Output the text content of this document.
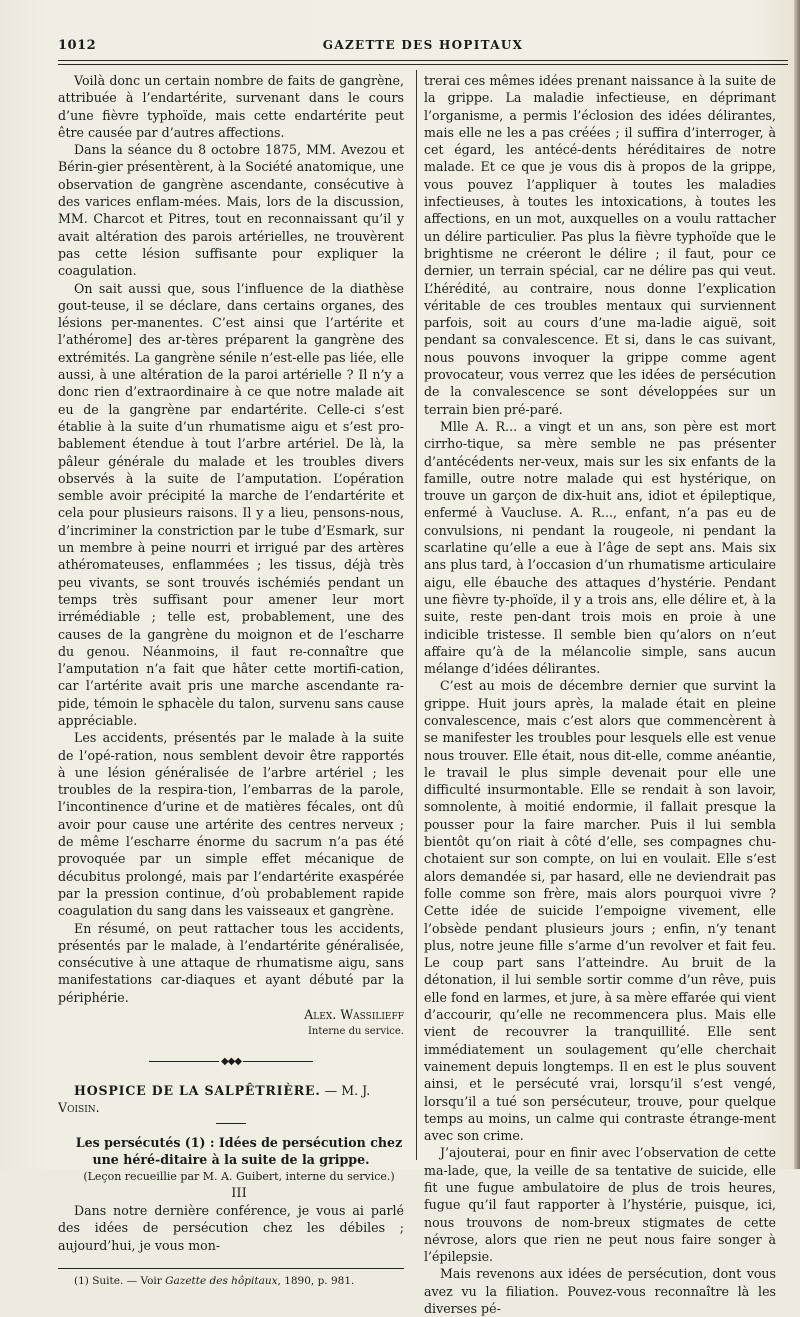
1012	GAZETTE DES HOPITAUX

Voilà donc un certain nombre de faits de gangrène, attribuée à l’endartérite, survenant dans le cours d’une fièvre typhoïde, mais cette endartérite peut être causée par d’autres affections.

Dans la séance du 8 octobre 1875, MM. Avezou et Bérin-gier présentèrent, à la Société anatomique, une observation de gangrène ascendante, consécutive à des varices enflam-mées. Mais, lors de la discussion, MM. Charcot et Pitres, tout en reconnaissant qu’il y avait altération des parois artérielles, ne trouvèrent pas cette lésion suffisante pour expliquer la coagulation.

On sait aussi que, sous l’influence de la diathèse gout-teuse, il se déclare, dans certains organes, des lésions per-manentes. C’est ainsi que l’artérite et l’athérome] des ar-tères préparent la gangrène des extrémités. La gangrène sénile n’est-elle pas liée, elle aussi, à une altération de la paroi artérielle ? Il n’y a donc rien d’extraordinaire à ce que notre malade ait eu de la gangrène par endartérite. Celle-ci s’est établie à la suite d’un rhumatisme aigu et s’est pro-bablement étendue à tout l’arbre artériel. De là, la pâleur générale du malade et les troubles divers observés à la suite de l’amputation. L’opération semble avoir précipité la marche de l’endartérite et cela pour plusieurs raisons. Il y a lieu, pensons-nous, d’incriminer la constriction par le tube d’Esmark, sur un membre à peine nourri et irrigué par des artères athéromateuses, enflammées ; les tissus, déjà très peu vivants, se sont trouvés ischémiés pendant un temps très suffisant pour amener leur mort irrémédiable ; telle est, probablement, une des causes de la gangrène du moignon et de l’escharre du genou. Néanmoins, il faut re-connaître que l’amputation n’a fait que hâter cette mortifi-cation, car l’artérite avait pris une marche ascendante ra-pide, témoin le sphacèle du talon, survenu sans cause appréciable.

Les accidents, présentés par le malade à la suite de l’opé-ration, nous semblent devoir être rapportés à une lésion généralisée de l’arbre artériel ; les troubles de la respira-tion, l’embarras de la parole, l’incontinence d’urine et de matières fécales, ont dû avoir pour cause une artérite des centres nerveux ; de même l’escharre énorme du sacrum n’a pas été provoquée par un simple effet mécanique de décubitus prolongé, mais par l’endartérite exaspérée par la pression continue, d’où probablement rapide coagulation du sang dans les vaisseaux et gangrène.

En résumé, on peut rattacher tous les accidents, présentés par le malade, à l’endartérite généralisée, consécutive à une attaque de rhumatisme aigu, sans manifestations car-diaques et ayant débuté par la périphérie.

Alex. Wassilieff

Interne du service.

◆◆◆

HOSPICE DE LA SALPÊTRIÈRE. — M. J. Voisin.

Les persécutés (1) : Idées de persécution chez une héré-ditaire à la suite de la grippe.

(Leçon recueillie par M. A. Guibert, interne du service.)

III

Dans notre dernière conférence, je vous ai parlé des idées de persécution chez les débiles ; aujourd’hui, je vous mon-

(1) Suite. — Voir Gazette des hôpitaux, 1890, p. 981.

trerai ces mêmes idées prenant naissance à la suite de la grippe. La maladie infectieuse, en déprimant l’organisme, a permis l’éclosion des idées délirantes, mais elle ne les a pas créées ; il suffira d’interroger, à cet égard, les antécé-dents héréditaires de notre malade. Et ce que je vous dis à propos de la grippe, vous pouvez l’appliquer à toutes les maladies infectieuses, à toutes les intoxications, à toutes les affections, en un mot, auxquelles on a voulu rattacher un délire particulier. Pas plus la fièvre typhoïde que le brightisme ne créeront le délire ; il faut, pour ce dernier, un terrain spécial, car ne délire pas qui veut. L’hérédité, au contraire, nous donne l’explication véritable de ces troubles mentaux qui surviennent parfois, soit au cours d’une ma-ladie aiguë, soit pendant sa convalescence. Et si, dans le cas suivant, nous pouvons invoquer la grippe comme agent provocateur, vous verrez que les idées de persécution de la convalescence se sont développées sur un terrain bien pré-paré.

Mlle A. R... a vingt et un ans, son père est mort cirrho-tique, sa mère semble ne pas présenter d’antécédents ner-veux, mais sur les six enfants de la famille, outre notre malade qui est hystérique, on trouve un garçon de dix-huit ans, idiot et épileptique, enfermé à Vaucluse. A. R..., enfant, n’a pas eu de convulsions, ni pendant la rougeole, ni pendant la scarlatine qu’elle a eue à l’âge de sept ans. Mais six ans plus tard, à l’occasion d’un rhumatisme articulaire aigu, elle ébauche des attaques d’hystérie. Pendant une fièvre ty-phoïde, il y a trois ans, elle délire et, à la suite, reste pen-dant trois mois en proie à une indicible tristesse. Il semble bien qu’alors on n’eut affaire qu’à de la mélancolie simple, sans aucun mélange d’idées délirantes.

C’est au mois de décembre dernier que survint la grippe. Huit jours après, la malade était en pleine convalescence, mais c’est alors que commencèrent à se manifester les troubles pour lesquels elle est venue nous trouver. Elle était, nous dit-elle, comme anéantie, le travail le plus simple devenait pour elle une difficulté insurmontable. Elle se rendait à son lavoir, somnolente, à moitié endormie, il fallait presque la pousser pour la faire marcher. Puis il lui sembla bientôt qu’on riait à côté d’elle, ses compagnes chu-chotaient sur son compte, on lui en voulait. Elle s’est alors demandée si, par hasard, elle ne deviendrait pas folle comme son frère, mais alors pourquoi vivre ? Cette idée de suicide l’empoigne vivement, elle l’obsède pendant plusieurs jours ; enfin, n’y tenant plus, notre jeune fille s’arme d’un revolver et fait feu. Le coup part sans l’atteindre. Au bruit de la détonation, il lui semble sortir comme d’un rêve, puis elle fond en larmes, et jure, à sa mère effarée qui vient d’accourir, qu’elle ne recommencera plus. Mais elle vient de recouvrer la tranquillité. Elle sent immédiatement un soulagement qu’elle cherchait vainement depuis longtemps. Il en est le plus souvent ainsi, et le persécuté vrai, lorsqu’il s’est vengé, lorsqu’il a tué son persécuteur, trouve, pour quelque temps au moins, un calme qui contraste étrange-ment avec son crime.

J’ajouterai, pour en finir avec l’observation de cette ma-lade, que, la veille de sa tentative de suicide, elle fit une fugue ambulatoire de plus de trois heures, fugue qu’il faut rapporter à l’hystérie, puisque, ici, nous trouvons de nom-breux stigmates de cette névrose, alors que rien ne peut nous faire songer à l’épilepsie.

Mais revenons aux idées de persécution, dont vous avez vu la filiation. Pouvez-vous reconnaître là les diverses pé-
